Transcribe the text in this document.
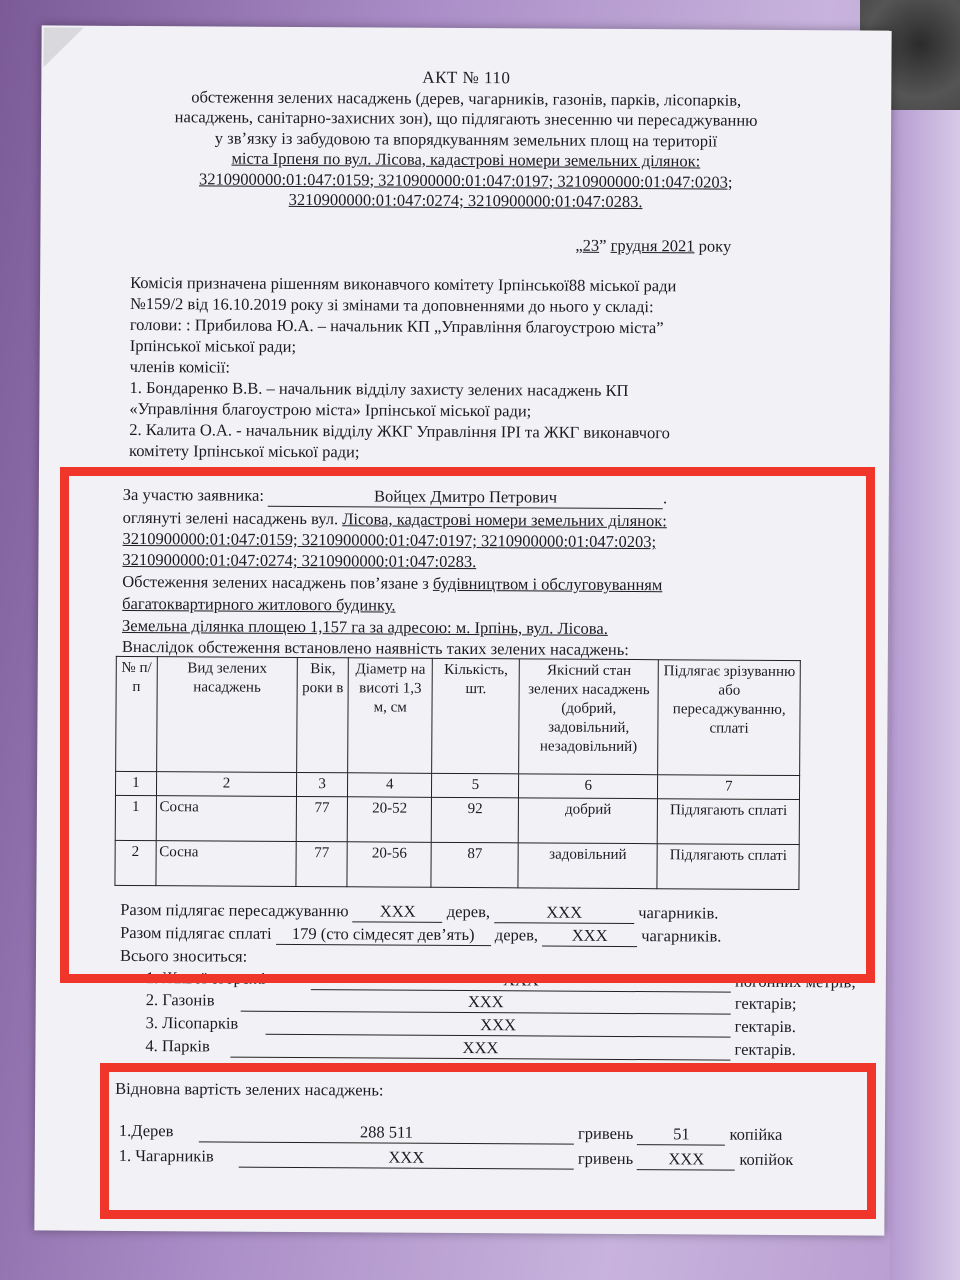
АКТ № 110
обстеження зелених насаджень (дерев, чагарників, газонів, парків, лісопарків,
насаджень, санітарно-захисних зон), що підлягають знесенню чи пересаджуванню
у зв’язку із забудовою та впорядкуванням земельних площ на території
міста Ірпеня по вул. Лісова, кадастрові номери земельних ділянок:
3210900000:01:047:0159; 3210900000:01:047:0197; 3210900000:01:047:0203;
3210900000:01:047:0274; 3210900000:01:047:0283.
„23” грудня 2021 року
Комісія призначена рішенням виконавчого комітету Ірпінської88 міської ради
№159/2 від 16.10.2019 року зі змінами та доповненнями до нього у складі:
голови: : Прибилова Ю.А. – начальник КП „Управління благоустрою міста”
Ірпінської міської ради;
членів комісії:
1. Бондаренко В.В. – начальник відділу захисту зелених насаджень КП
«Управління благоустрою міста» Ірпінської міської ради;
2. Калита О.А. - начальник відділу ЖКГ Управління ІРІ та ЖКГ виконавчого
комітету Ірпінської міської ради;
За участю заявника:	Войцех Дмитро Петрович	.
оглянуті зелені насаджень вул. Лісова, кадастрові номери земельних ділянок:
3210900000:01:047:0159; 3210900000:01:047:0197; 3210900000:01:047:0203;
3210900000:01:047:0274; 3210900000:01:047:0283.
Обстеження зелених насаджень пов’язане з будівництвом і обслуговуванням
багатоквартирного житлового будинку.
Земельна ділянка площею 1,157 га за адресою: м. Ірпінь, вул. Лісова.
Внаслідок обстеження встановлено наявність таких зелених насаджень:
№ п/п	Вид зелених насаджень	Вік, роки в	Діаметр на висоті 1,3 м, см	Кількість, шт.	Якісний стан зелених насаджень (добрий, задовільний, незадовільний)	Підлягає зрізуванню або пересаджуванню, сплаті
1	2	3	4	5	6	7
1	Сосна	77	20-52	92	добрий	Підлягають сплаті
2	Сосна	77	20-56	87	задовільний	Підлягають сплаті
Разом підлягає пересаджуванню XXX дерев,	XXX	чагарників.
Разом підлягає сплаті 179 (сто сімдесят дев’ять) дерев, XXX чагарників.
Всього зноситься:
1. Живої огорожі	XXX	погонних метрів;
2. Газонів	XXX	гектарів;
3. Лісопарків	XXX	гектарів.
4. Парків	XXX	гектарів.
Відновна вартість зелених насаджень:
1.Дерев	288 511	гривень 51 копійка
1. Чагарників	XXX	гривень XXX копійок
